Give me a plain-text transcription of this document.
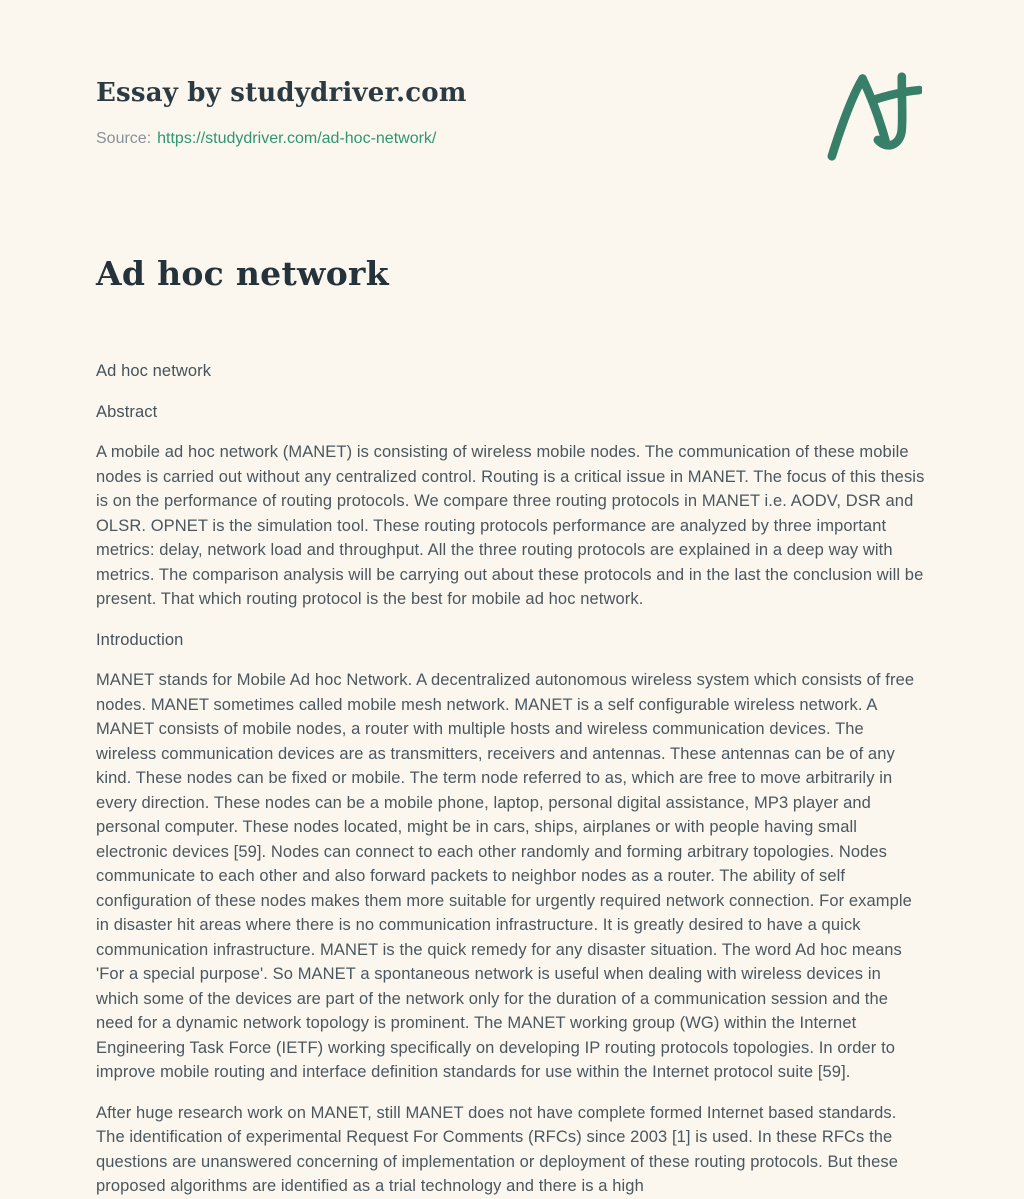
Essay by studydriver.com
Source: https://studydriver.com/ad-hoc-network/
Ad hoc network

Ad hoc network

Abstract

A mobile ad hoc network (MANET) is consisting of wireless mobile nodes. The communication of these mobile nodes is carried out without any centralized control. Routing is a critical issue in MANET. The focus of this thesis is on the performance of routing protocols. We compare three routing protocols in MANET i.e. AODV, DSR and OLSR. OPNET is the simulation tool. These routing protocols performance are analyzed by three important metrics: delay, network load and throughput. All the three routing protocols are explained in a deep way with metrics. The comparison analysis will be carrying out about these protocols and in the last the conclusion will be present. That which routing protocol is the best for mobile ad hoc network.

Introduction

MANET stands for Mobile Ad hoc Network. A decentralized autonomous wireless system which consists of free nodes. MANET sometimes called mobile mesh network. MANET is a self configurable wireless network. A MANET consists of mobile nodes, a router with multiple hosts and wireless communication devices. The wireless communication devices are as transmitters, receivers and antennas. These antennas can be of any kind. These nodes can be fixed or mobile. The term node referred to as, which are free to move arbitrarily in every direction. These nodes can be a mobile phone, laptop, personal digital assistance, MP3 player and personal computer. These nodes located, might be in cars, ships, airplanes or with people having small electronic devices [59]. Nodes can connect to each other randomly and forming arbitrary topologies. Nodes communicate to each other and also forward packets to neighbor nodes as a router. The ability of self configuration of these nodes makes them more suitable for urgently required network connection. For example in disaster hit areas where there is no communication infrastructure. It is greatly desired to have a quick communication infrastructure. MANET is the quick remedy for any disaster situation. The word Ad hoc means 'For a special purpose'. So MANET a spontaneous network is useful when dealing with wireless devices in which some of the devices are part of the network only for the duration of a communication session and the need for a dynamic network topology is prominent. The MANET working group (WG) within the Internet Engineering Task Force (IETF) working specifically on developing IP routing protocols topologies. In order to improve mobile routing and interface definition standards for use within the Internet protocol suite [59].

After huge research work on MANET, still MANET does not have complete formed Internet based standards. The identification of experimental Request For Comments (RFCs) since 2003 [1] is used. In these RFCs the questions are unanswered concerning of implementation or deployment of these routing protocols. But these proposed algorithms are identified as a trial technology and there is a high
